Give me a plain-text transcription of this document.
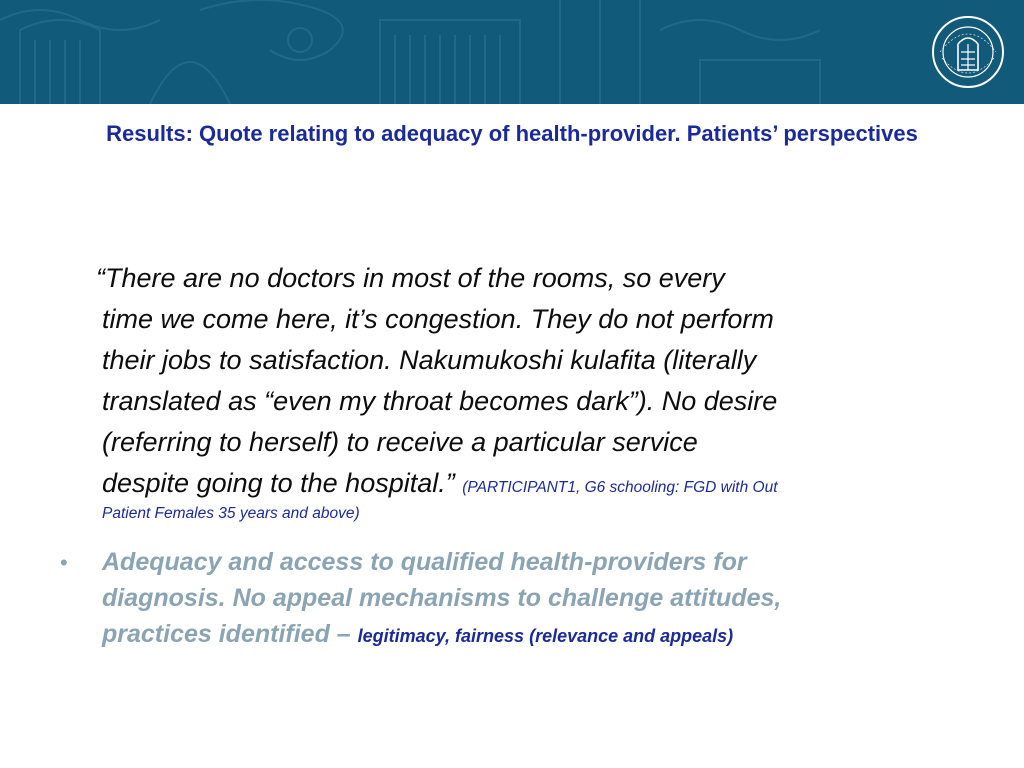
Results: Quote relating to adequacy of health-provider. Patients’ perspectives
“There are no doctors in most of the rooms, so every
time we come here, it’s congestion. They do not perform
their jobs to satisfaction. Nakumukoshi kulafita (literally
translated as “even my throat becomes dark”). No desire
(referring to herself) to receive a particular service
despite going to the hospital.” (PARTICIPANT1, G6 schooling: FGD with Out
Patient Females 35 years and above)
• Adequacy and access to qualified health-providers for
diagnosis. No appeal mechanisms to challenge attitudes,
practices identified – legitimacy, fairness (relevance and appeals)
